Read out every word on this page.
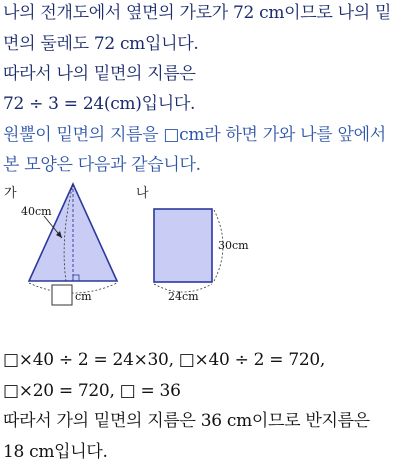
나의 전개도에서 옆면의 가로가 72 cm이므로 나의 밑
면의 둘레도 72 cm입니다.
따라서 나의 밑면의 지름은
72 ÷ 3 = 24(cm)입니다.
원뿔이 밑면의 지름을 □cm라 하면 가와 나를 앞에서
본 모양은 다음과 같습니다.
가	나
40cm
cm
30cm
24cm
□×40 ÷ 2 = 24×30, □×40 ÷ 2 = 720,
□×20 = 720, □ = 36
따라서 가의 밑면의 지름은 36 cm이므로 반지름은
18 cm입니다.
